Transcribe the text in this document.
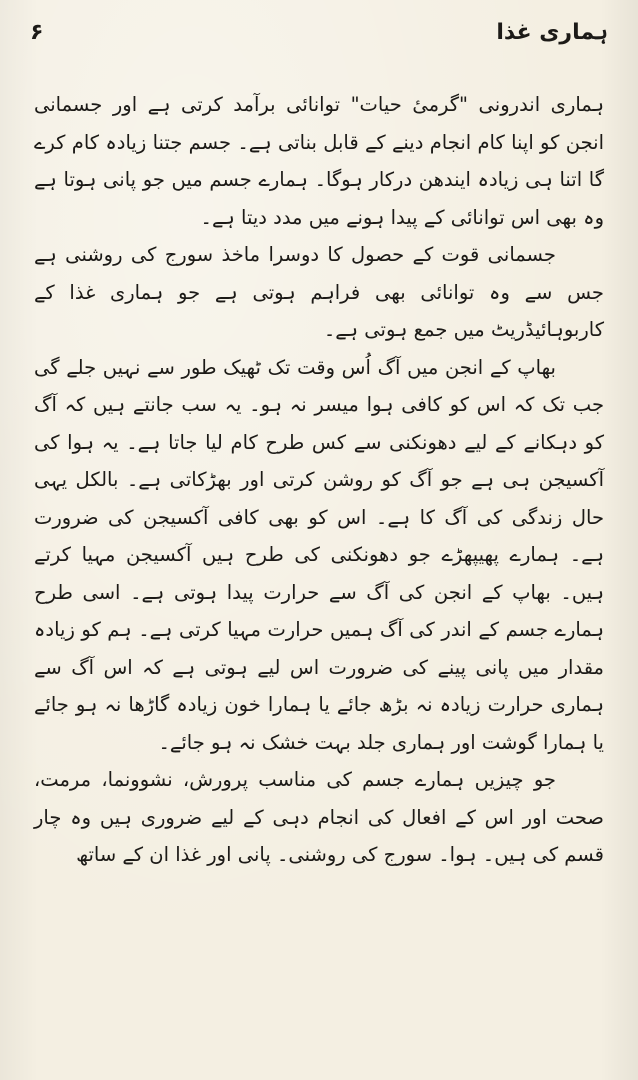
ہماری غذا
۶

ہماری اندرونی "گرمیٔ حیات" توانائی برآمد کرتی ہے اور جسمانی انجن کو اپنا کام انجام دینے کے قابل بناتی ہے۔ جسم جتنا زیادہ کام کرے گا اتنا ہی زیادہ ایندھن درکار ہوگا۔ ہمارے جسم میں جو پانی ہوتا ہے وہ بھی اس توانائی کے پیدا ہونے میں مدد دیتا ہے۔

جسمانی قوت کے حصول کا دوسرا ماخذ سورج کی روشنی ہے جس سے وہ توانائی بھی فراہم ہوتی ہے جو ہماری غذا کے کاربوہائیڈریٹ میں جمع ہوتی ہے۔

بھاپ کے انجن میں آگ اُس وقت تک ٹھیک طور سے نہیں جلے گی جب تک کہ اس کو کافی ہوا میسر نہ ہو۔ یہ سب جانتے ہیں کہ آگ کو دہکانے کے لیے دھونکنی سے کس طرح کام لیا جاتا ہے۔ یہ ہوا کی آکسیجن ہی ہے جو آگ کو روشن کرتی اور بھڑکاتی ہے۔ بالکل یہی حال زندگی کی آگ کا ہے۔ اس کو بھی کافی آکسیجن کی ضرورت ہے۔ ہمارے پھیپھڑے جو دھونکنی کی طرح ہیں آکسیجن مہیا کرتے ہیں۔ بھاپ کے انجن کی آگ سے حرارت پیدا ہوتی ہے۔ اسی طرح ہمارے جسم کے اندر کی آگ ہمیں حرارت مہیا کرتی ہے۔ ہم کو زیادہ مقدار میں پانی پینے کی ضرورت اس لیے ہوتی ہے کہ اس آگ سے ہماری حرارت زیادہ نہ بڑھ جائے یا ہمارا خون زیادہ گاڑھا نہ ہو جائے یا ہمارا گوشت اور ہماری جلد بہت خشک نہ ہو جائے۔

جو چیزیں ہمارے جسم کی مناسب پرورش، نشوونما، مرمت، صحت اور اس کے افعال کی انجام دہی کے لیے ضروری ہیں وہ چار قسم کی ہیں۔ ہوا۔ سورج کی روشنی۔ پانی اور غذا ان کے ساتھ
